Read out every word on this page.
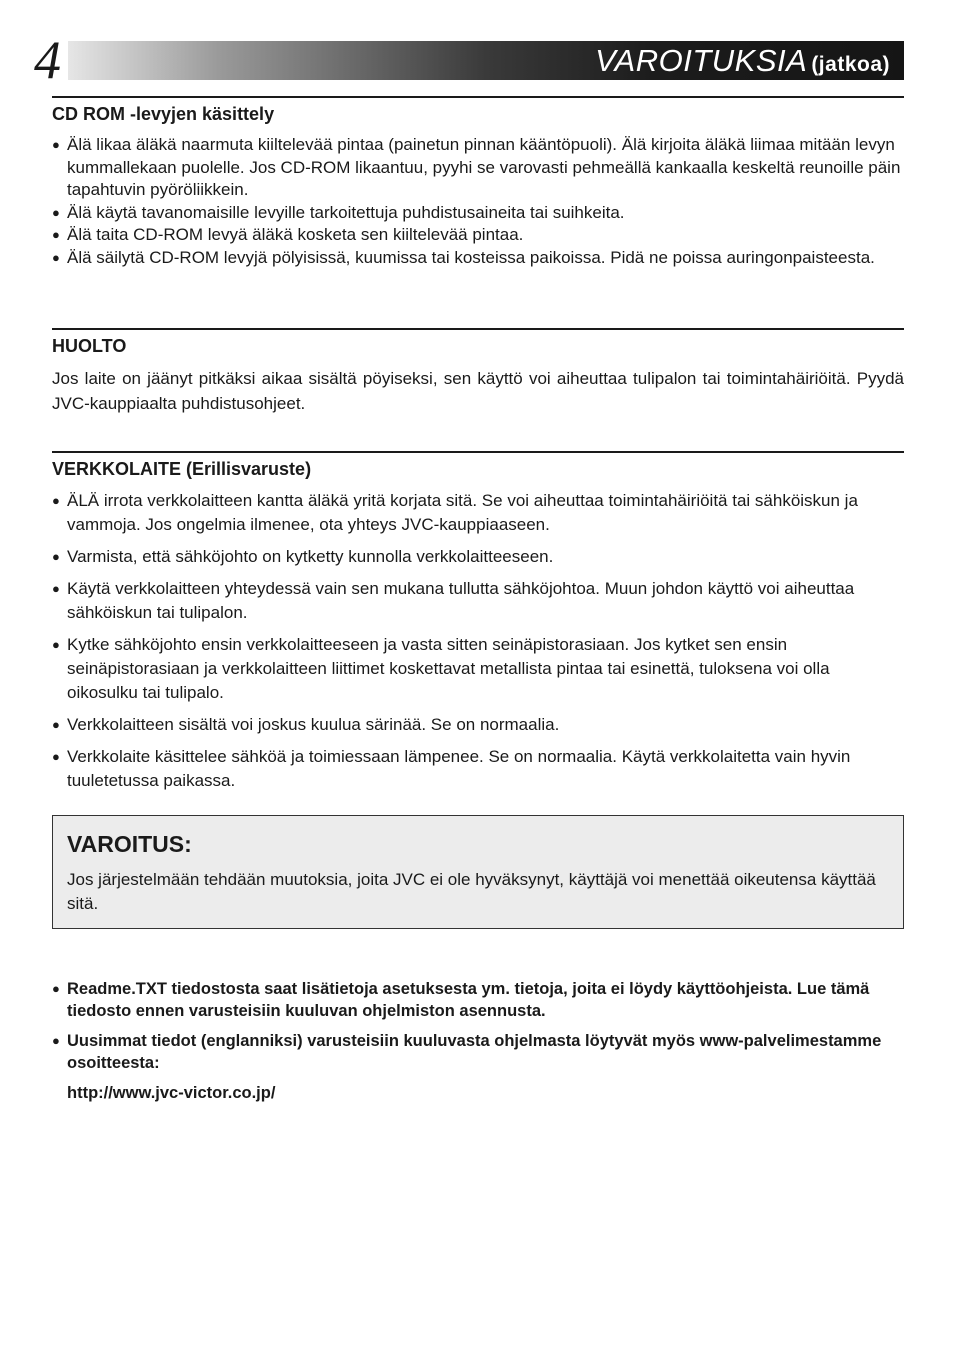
4	VAROITUKSIA (jatkoa)
CD ROM -levyjen käsittely
● Älä likaa äläkä naarmuta kiiltelevää pintaa (painetun pinnan kääntöpuoli). Älä kirjoita äläkä liimaa mitään levyn kummallekaan puolelle. Jos CD-ROM likaantuu, pyyhi se varovasti pehmeällä kankaalla keskeltä reunoille päin tapahtuvin pyöröliikkein.
● Älä käytä tavanomaisille levyille tarkoitettuja puhdistusaineita tai suihkeita.
● Älä taita CD-ROM levyä äläkä kosketa sen kiiltelevää pintaa.
● Älä säilytä CD-ROM levyjä pölyisissä, kuumissa tai kosteissa paikoissa. Pidä ne poissa auringonpaisteesta.
HUOLTO

Jos laite on jäänyt pitkäksi aikaa sisältä pöyiseksi, sen käyttö voi aiheuttaa tulipalon tai toimintahäiriöitä. Pyydä JVC-kauppiaalta puhdistusohjeet.

VERKKOLAITE (Erillisvaruste)
● ÄLÄ irrota verkkolaitteen kantta äläkä yritä korjata sitä. Se voi aiheuttaa toimintahäiriöitä tai sähköiskun ja vammoja. Jos ongelmia ilmenee, ota yhteys JVC-kauppiaaseen.
● Varmista, että sähköjohto on kytketty kunnolla verkkolaitteeseen.
● Käytä verkkolaitteen yhteydessä vain sen mukana tullutta sähköjohtoa. Muun johdon käyttö voi aiheuttaa sähköiskun tai tulipalon.
● Kytke sähköjohto ensin verkkolaitteeseen ja vasta sitten seinäpistorasiaan. Jos kytket sen ensin seinäpistorasiaan ja verkkolaitteen liittimet koskettavat metallista pintaa tai esinettä, tuloksena voi olla oikosulku tai tulipalo.
● Verkkolaitteen sisältä voi joskus kuulua särinää. Se on normaalia.
● Verkkolaite käsittelee sähköä ja toimiessaan lämpenee. Se on normaalia. Käytä verkkolaitetta vain hyvin tuuletetussa paikassa.
VAROITUS:

Jos järjestelmään tehdään muutoksia, joita JVC ei ole hyväksynyt, käyttäjä voi menettää oikeutensa käyttää sitä.

● Readme.TXT tiedostosta saat lisätietoja asetuksesta ym. tietoja, joita ei löydy käyttöohjeista. Lue tämä tiedosto ennen varusteisiin kuuluvan ohjelmiston asennusta.
● Uusimmat tiedot (englanniksi) varusteisiin kuuluvasta ohjelmasta löytyvät myös www-palvelimestamme osoitteesta:
http://www.jvc-victor.co.jp/
